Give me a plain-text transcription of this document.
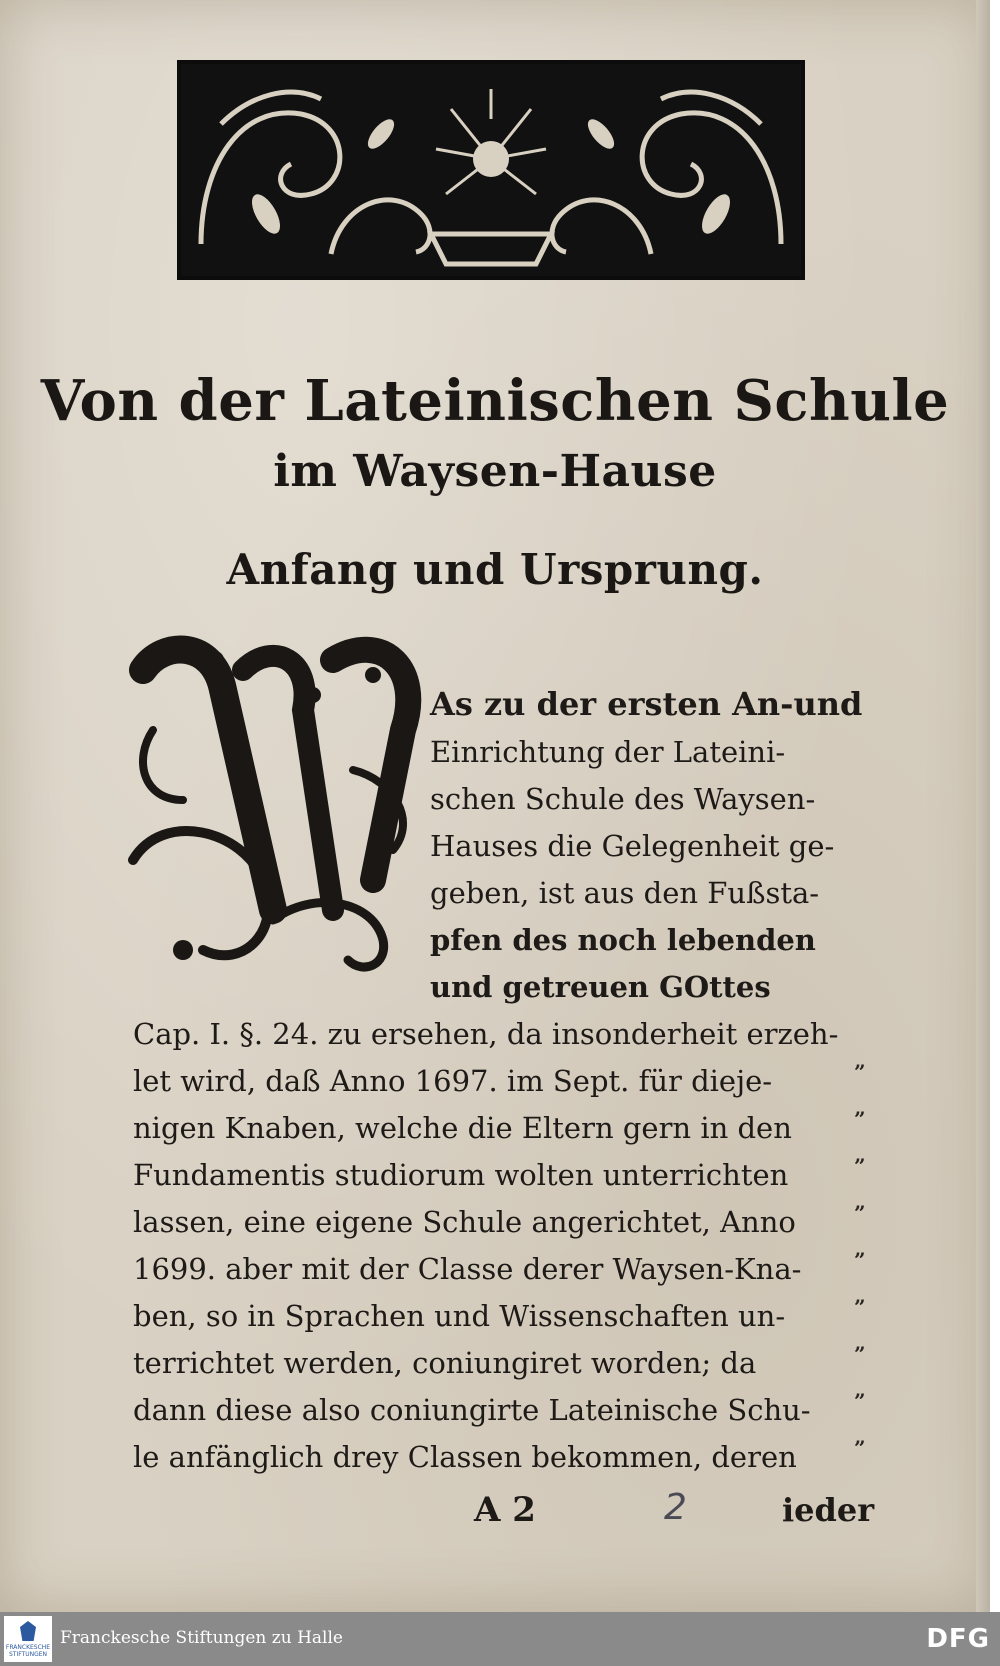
Von der Lateinischen Schule
im Waysen-Hause
Anfang und Ursprung.
As zu der ersten An-und
Einrichtung der Lateini-
schen Schule des Waysen-
Hauses die Gelegenheit ge-
geben, ist aus den Fußsta-
pfen des noch lebenden
und getreuen GOttes
Cap. I. §. 24. zu ersehen, da insonderheit erzeh-
let wird, daß Anno 1697. im Sept. für dieje-
nigen Knaben, welche die Eltern gern in den
Fundamentis studiorum wolten unterrichten
lassen, eine eigene Schule angerichtet, Anno
1699. aber mit der Classe derer Waysen-Kna-
ben, so in Sprachen und Wissenschaften un-
terrichtet werden, coniungiret worden; da
dann diese also coniungirte Lateinische Schu-
le anfänglich drey Classen bekommen, deren
”
”
”
”
”
”
”
”
”
A 2	2	ieder
FRANCKESCHE STIFTUNGEN
Franckesche Stiftungen zu Halle	DFG
